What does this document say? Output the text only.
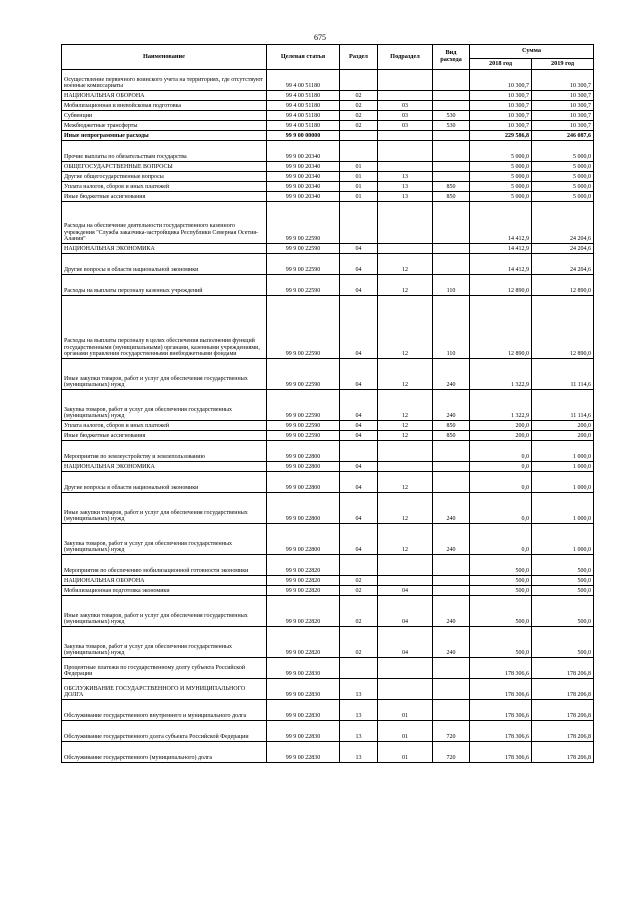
675
Наименование	Целевая статья	Раздел	Подраздел	Вид расхода	Сумма	
					2018 год	2019 год
Осуществление первичного воинского учета на территориях, где отсутствуют военные комиссариаты	99 4 00 51180				10 300,7	10 300,7
НАЦИОНАЛЬНАЯ ОБОРОНА	99 4 00 51180	02			10 300,7	10 300,7
Мобилизационная и вневойсковая подготовка	99 4 00 51180	02	03		10 300,7	10 300,7
Субвенции	99 4 00 51180	02	03	530	10 300,7	10 300,7
Межбюджетные трансферты	99 4 00 51180	02	03	530	10 300,7	10 300,7
Иные непрограммные расходы	99 9 00 00000				229 586,8	246 087,6
Прочие выплаты по обязательствам государства	99 9 00 20340				5 000,0	5 000,0
ОБЩЕГОСУДАРСТВЕННЫЕ ВОПРОСЫ	99 9 00 20340	01			5 000,0	5 000,0
Другие общегосударственные вопросы	99 9 00 20340	01	13		5 000,0	5 000,0
Уплата налогов, сборов и иных платежей	99 9 00 20340	01	13	850	5 000,0	5 000,0
Иные бюджетные ассигнования	99 9 00 20340	01	13	850	5 000,0	5 000,0
Расходы на обеспечение деятельности государственного казенного учреждения "Служба заказчика-застройщика Республики Северная Осетия-Алания"	99 9 00 22590				14 412,9	24 204,6
НАЦИОНАЛЬНАЯ ЭКОНОМИКА	99 9 00 22590	04			14 412,9	24 204,6
Другие вопросы в области национальной экономики	99 9 00 22590	04	12		14 412,9	24 204,6
Расходы на выплаты персоналу казенных учреждений	99 9 00 22590	04	12	110	12 890,0	12 890,0
Расходы на выплаты персоналу в целях обеспечения выполнения функций государственными (муниципальными) органами, казенными учреждениями, органами управления государственными внебюджетными фондами	99 9 00 22590	04	12	110	12 890,0	12 890,0
Иные закупки товаров, работ и услуг для обеспечения государственных (муниципальных) нужд	99 9 00 22590	04	12	240	1 322,9	11 114,6
Закупка товаров, работ и услуг для обеспечения государственных (муниципальных) нужд	99 9 00 22590	04	12	240	1 322,9	11 114,6
Уплата налогов, сборов и иных платежей	99 9 00 22590	04	12	850	200,0	200,0
Иные бюджетные ассигнования	99 9 00 22590	04	12	850	200,0	200,0
Мероприятия по землеустройству и землепользованию	99 9 00 22800				0,0	1 000,0
НАЦИОНАЛЬНАЯ ЭКОНОМИКА	99 9 00 22800	04			0,0	1 000,0
Другие вопросы в области национальной экономики	99 9 00 22800	04	12		0,0	1 000,0
Иные закупки товаров, работ и услуг для обеспечения государственных (муниципальных) нужд	99 9 00 22800	04	12	240	0,0	1 000,0
Закупка товаров, работ и услуг для обеспечения государственных (муниципальных) нужд	99 9 00 22800	04	12	240	0,0	1 000,0
Мероприятия по обеспечению мобилизационной готовности экономики	99 9 00 22820				500,0	500,0
НАЦИОНАЛЬНАЯ ОБОРОНА	99 9 00 22820	02			500,0	500,0
Мобилизационная подготовка экономики	99 9 00 22820	02	04		500,0	500,0
Иные закупки товаров, работ и услуг для обеспечения государственных (муниципальных) нужд	99 9 00 22820	02	04	240	500,0	500,0
Закупка товаров, работ и услуг для обеспечения государственных (муниципальных) нужд	99 9 00 22820	02	04	240	500,0	500,0
Процентные платежи по государственному долгу субъекта Российской Федерации	99 9 00 22830				178 306,6	178 206,8
ОБСЛУЖИВАНИЕ ГОСУДАРСТВЕННОГО И МУНИЦИПАЛЬНОГО ДОЛГА	99 9 00 22830	13			178 306,6	178 206,8
Обслуживание государственного внутреннего и муниципального долга	99 9 00 22830	13	01		178 306,6	178 206,8
Обслуживание государственного долга субъекта Российской Федерации	99 9 00 22830	13	01	720	178 306,6	178 206,8
Обслуживание государственного (муниципального) долга	99 9 00 22830	13	01	720	178 306,6	178 206,8
